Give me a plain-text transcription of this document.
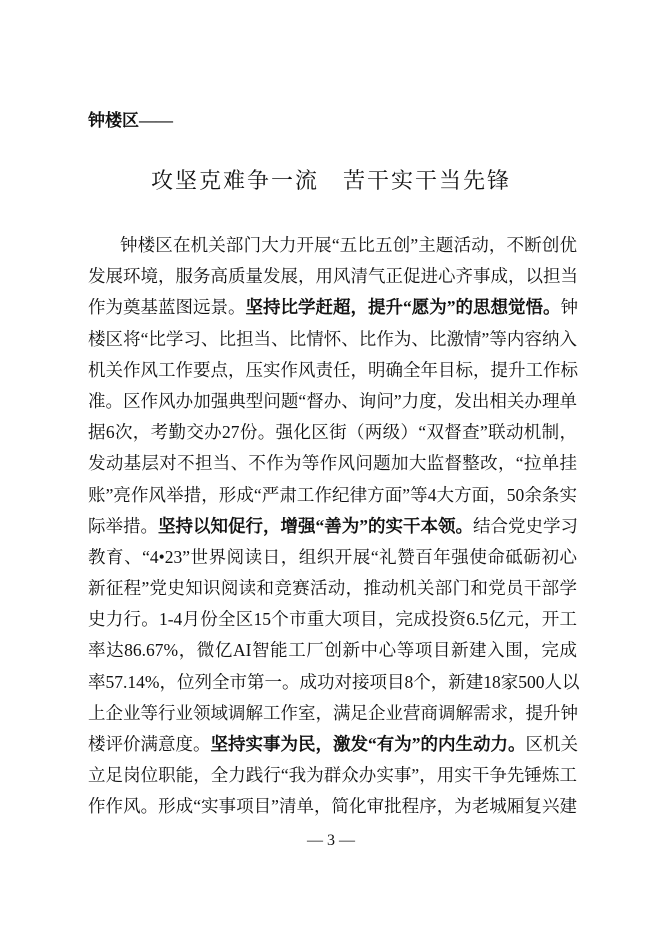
钟楼区——
攻坚克难争一流　苦干实干当先锋
钟楼区在机关部门大力开展“五比五创”主题活动，不断创优
发展环境，服务高质量发展，用风清气正促进心齐事成，以担当
作为奠基蓝图远景。坚持比学赶超，提升“愿为”的思想觉悟。钟
楼区将“比学习、比担当、比情怀、比作为、比激情”等内容纳入
机关作风工作要点，压实作风责任，明确全年目标，提升工作标
准。区作风办加强典型问题“督办、询问”力度，发出相关办理单
据6次，考勤交办27份。强化区街（两级）“双督查”联动机制，
发动基层对不担当、不作为等作风问题加大监督整改，“拉单挂
账”亮作风举措，形成“严肃工作纪律方面”等4大方面，50余条实
际举措。坚持以知促行，增强“善为”的实干本领。结合党史学习
教育、“4•23”世界阅读日，组织开展“礼赞百年强使命砥砺初心
新征程”党史知识阅读和竞赛活动，推动机关部门和党员干部学
史力行。1-4月份全区15个市重大项目，完成投资6.5亿元，开工
率达86.67%，微亿AI智能工厂创新中心等项目新建入围，完成
率57.14%，位列全市第一。成功对接项目8个，新建18家500人以
上企业等行业领域调解工作室，满足企业营商调解需求，提升钟
楼评价满意度。坚持实事为民，激发“有为”的内生动力。区机关
立足岗位职能，全力践行“我为群众办实事”，用实干争先锤炼工
作作风。形成“实事项目”清单，简化审批程序，为老城厢复兴建
— 3 —
